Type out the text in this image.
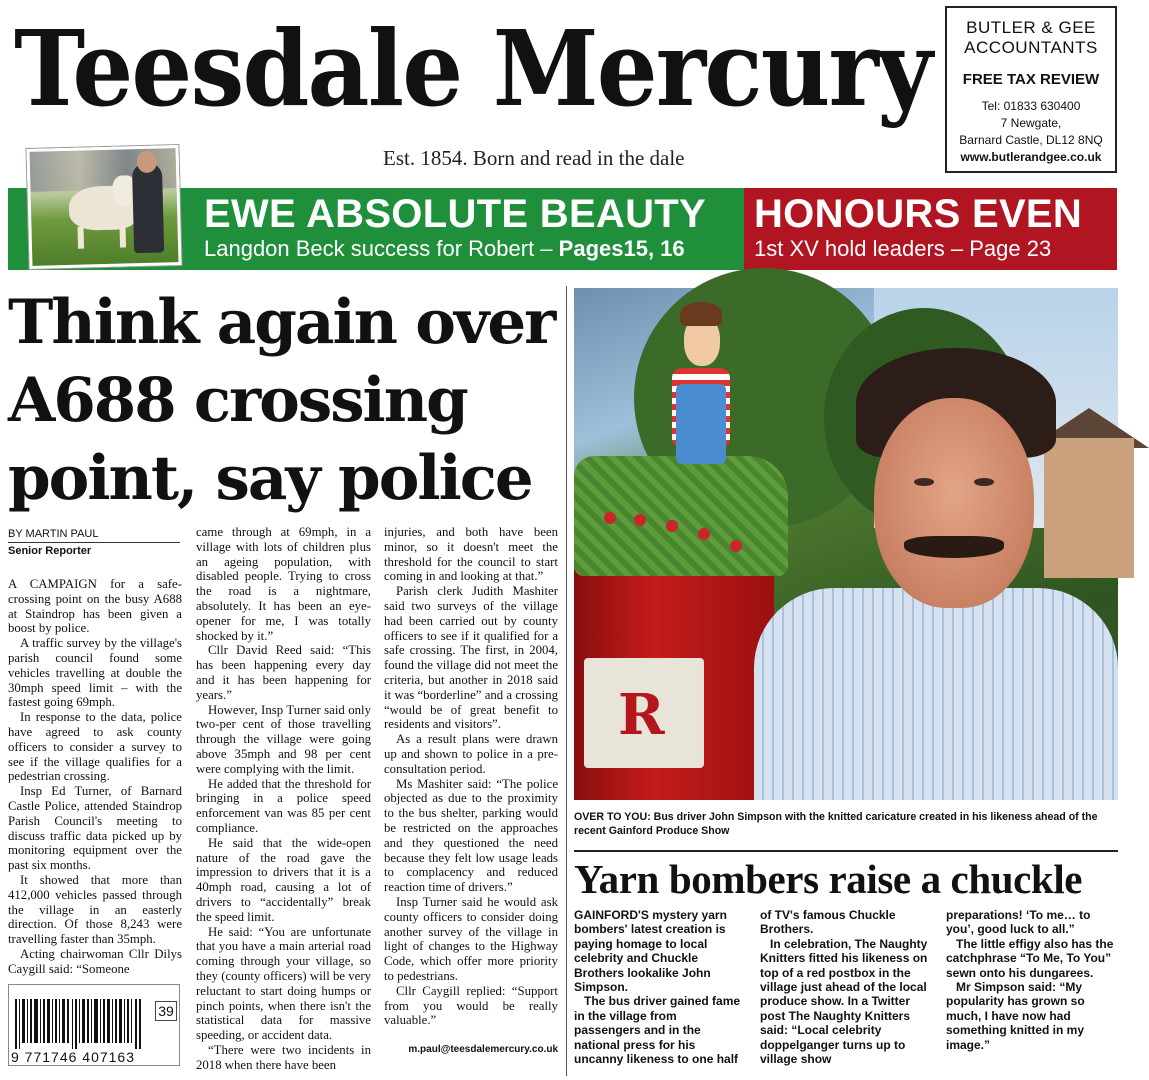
Teesdale Mercury
Est. 1854. Born and read in the dale
BUTLER & GEE
ACCOUNTANTS
FREE TAX REVIEW
Tel: 01833 630400
7 Newgate,
Barnard Castle, DL12 8NQ
www.butlerandgee.co.uk
EWE ABSOLUTE BEAUTY
Langdon Beck success for Robert – Pages15, 16
HONOURS EVEN
1st XV hold leaders – Page 23
Think again over A688 crossing point, say police
BY MARTIN PAUL
Senior Reporter

A CAMPAIGN for a safe-crossing point on the busy A688 at Staindrop has been given a boost by police.

A traffic survey by the village's parish council found some vehicles travelling at double the 30mph speed limit – with the fastest going 69mph.

In response to the data, police have agreed to ask county officers to consider a survey to see if the village qualifies for a pedestrian crossing.

Insp Ed Turner, of Barnard Castle Police, attended Staindrop Parish Council's meeting to discuss traffic data picked up by monitoring equipment over the past six months.

It showed that more than 412,000 vehicles passed through the village in an easterly direction. Of those 8,243 were travelling faster than 35mph.

Acting chairwoman Cllr Dilys Caygill said: “Someone

came through at 69mph, in a village with lots of children plus an ageing population, with disabled people. Trying to cross the road is a nightmare, absolutely. It has been an eye-opener for me, I was totally shocked by it.”

Cllr David Reed said: “This has been happening every day and it has been happening for years.”

However, Insp Turner said only two-per cent of those travelling through the village were going above 35mph and 98 per cent were complying with the limit.

He added that the threshold for bringing in a police speed enforcement van was 85 per cent compliance.

He said that the wide-open nature of the road gave the impression to drivers that it is a 40mph road, causing a lot of drivers to “accidentally” break the speed limit.

He said: “You are unfortunate that you have a main arterial road coming through your village, so they (county officers) will be very reluctant to start doing humps or pinch points, when there isn't the statistical data for massive speeding, or accident data.

“There were two incidents in 2018 when there have been

injuries, and both have been minor, so it doesn't meet the threshold for the council to start coming in and looking at that.”

Parish clerk Judith Mashiter said two surveys of the village had been carried out by county officers to see if it qualified for a safe crossing. The first, in 2004, found the village did not meet the criteria, but another in 2018 said it was “borderline” and a crossing “would be of great benefit to residents and visitors”.

As a result plans were drawn up and shown to police in a pre-consultation period.

Ms Mashiter said: “The police objected as due to the proximity to the bus shelter, parking would be restricted on the approaches and they questioned the need because they felt low usage leads to complacency and reduced reaction time of drivers.”

Insp Turner said he would ask county officers to consider doing another survey of the village in light of changes to the Highway Code, which offer more priority to pedestrians.

Cllr Caygill replied: “Support from you would be really valuable.”

m.paul@teesdalemercury.co.uk
9 771746 407163
39
R
OVER TO YOU: Bus driver John Simpson with the knitted caricature created in his likeness ahead of the recent Gainford Produce Show
Yarn bombers raise a chuckle

GAINFORD'S mystery yarn bombers' latest creation is paying homage to local celebrity and Chuckle Brothers lookalike John Simpson.

The bus driver gained fame in the village from passengers and in the national press for his uncanny likeness to one half

of TV's famous Chuckle Brothers.

In celebration, The Naughty Knitters fitted his likeness on top of a red postbox in the village just ahead of the local produce show. In a Twitter post The Naughty Knitters said: “Local celebrity doppelganger turns up to village show

preparations! ‘To me… to you’, good luck to all.”

The little effigy also has the catchphrase “To Me, To You” sewn onto his dungarees.

Mr Simpson said: “My popularity has grown so much, I have now had something knitted in my image.”
